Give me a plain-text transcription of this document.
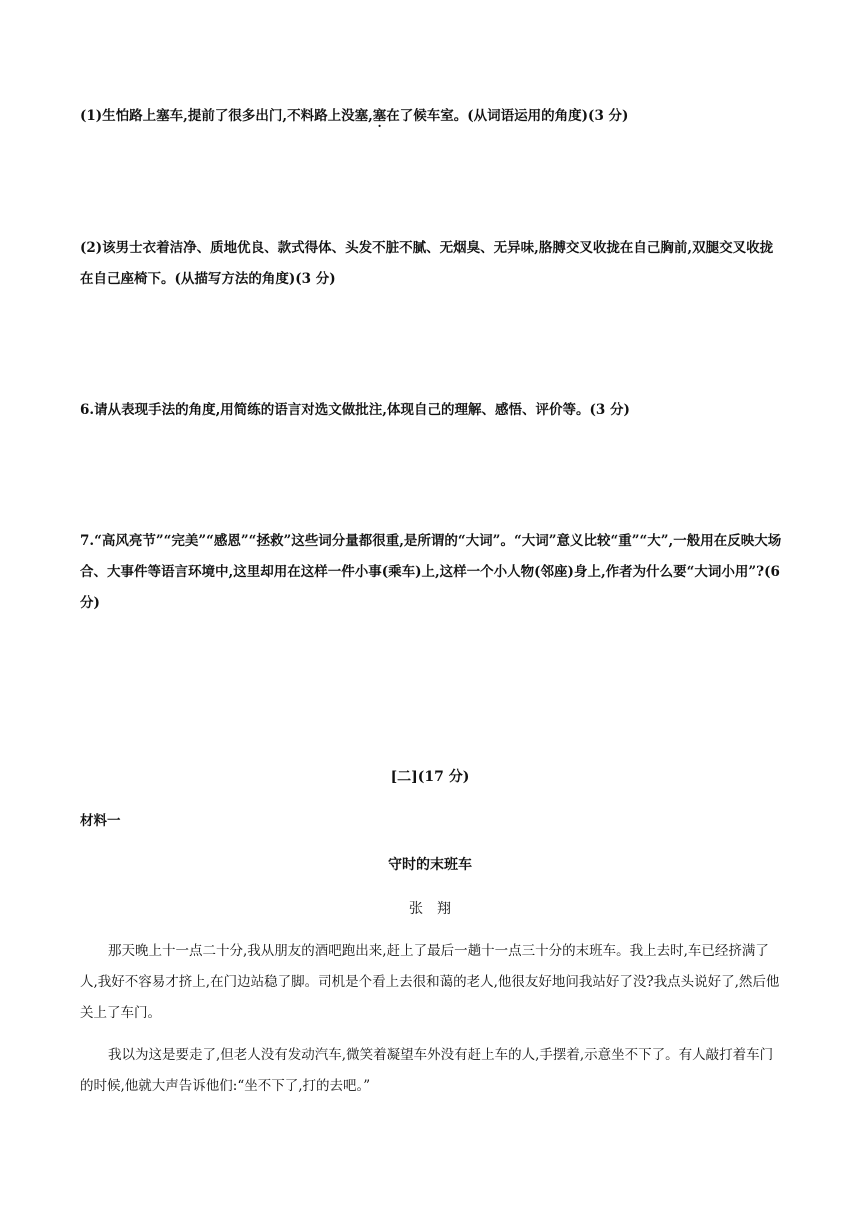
(1)生怕路上塞车,提前了很多出门,不料路上没塞,塞在了候车室。(从词语运用的角度)(3 分)
(2)该男士衣着洁净、质地优良、款式得体、头发不脏不腻、无烟臭、无异味,胳膊交叉收拢在自己胸前,双腿交叉收拢在自己座椅下。(从描写方法的角度)(3 分)
6.请从表现手法的角度,用简练的语言对选文做批注,体现自己的理解、感悟、评价等。(3 分)
7.“高风亮节”“完美”“感恩”“拯救”这些词分量都很重,是所谓的“大词”。“大词”意义比较“重”“大”,一般用在反映大场合、大事件等语言环境中,这里却用在这样一件小事(乘车)上,这样一个小人物(邻座)身上,作者为什么要“大词小用”?(6 分)
[二](17 分)
材料一
守时的末班车
张　翔
那天晚上十一点二十分,我从朋友的酒吧跑出来,赶上了最后一趟十一点三十分的末班车。我上去时,车已经挤满了人,我好不容易才挤上,在门边站稳了脚。司机是个看上去很和蔼的老人,他很友好地问我站好了没?我点头说好了,然后他关上了车门。
我以为这是要走了,但老人没有发动汽车,微笑着凝望车外没有赶上车的人,手摆着,示意坐不下了。有人敲打着车门的时候,他就大声告诉他们:“坐不下了,打的去吧。”
